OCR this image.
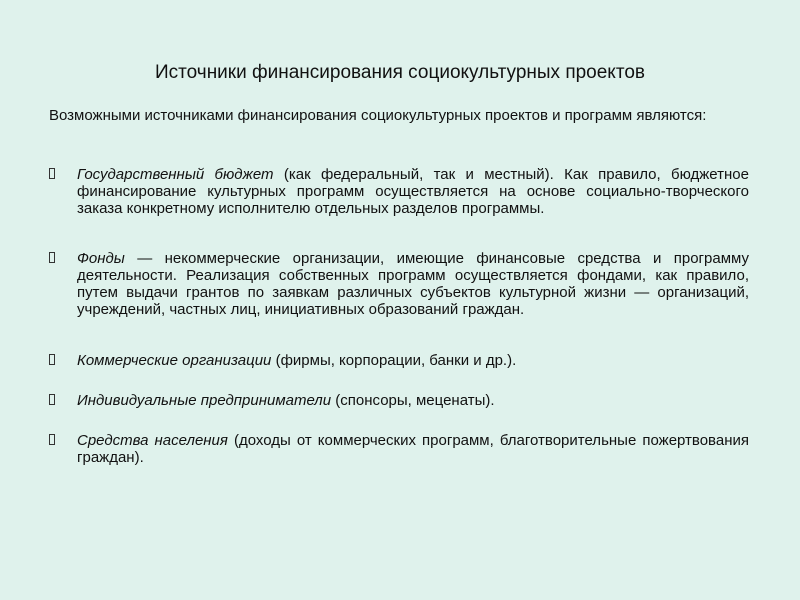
Источники финансирования социокультурных проектов

Возможными источниками финансирования социокультурных проектов и программ являются:

Государственный бюджет (как федеральный, так и местный). Как правило, бюджетное финансирование культурных программ осуществляется на основе социально-творческого заказа конкретному исполнителю отдельных разделов программы.
Фонды — некоммерческие организации, имеющие финансовые средства и программу деятельности. Реализация собственных программ осуществляется фондами, как правило, путем выдачи грантов по заявкам различных субъектов культурной жизни — организаций, учреждений, частных лиц, инициативных образований граждан.
Коммерческие организации (фирмы, корпорации, банки и др.).
Индивидуальные предприниматели (спонсоры, меценаты).
Средства населения (доходы от коммерческих программ, благотворительные пожертвования граждан).
